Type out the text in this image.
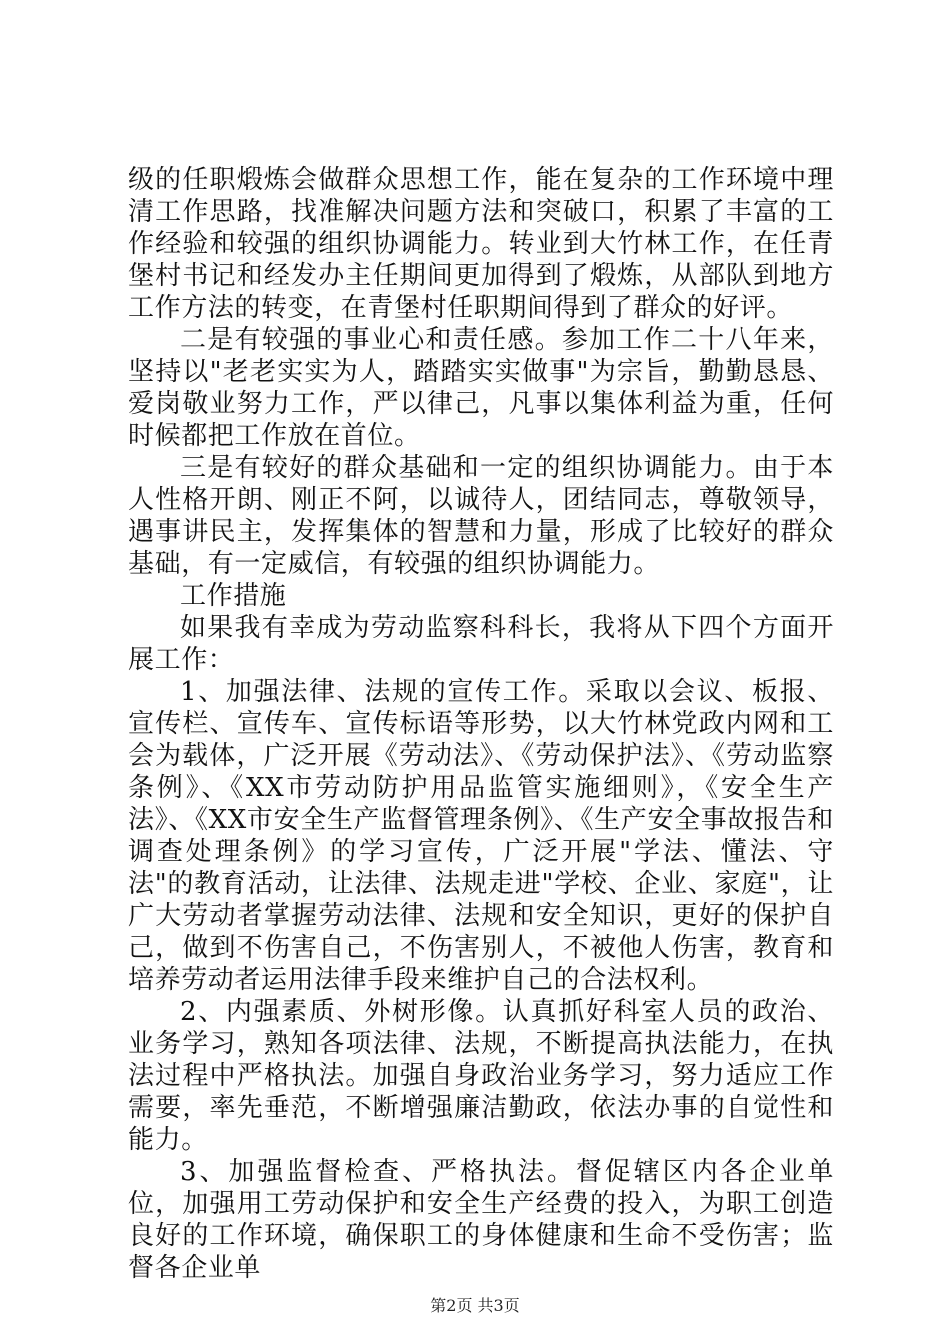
级的任职煅炼会做群众思想工作，能在复杂的工作环境中理清工作思路，找准解决问题方法和突破口，积累了丰富的工作经验和较强的组织协调能力。转业到大竹林工作，在任青堡村书记和经发办主任期间更加得到了煅炼，从部队到地方工作方法的转变，在青堡村任职期间得到了群众的好评。

二是有较强的事业心和责任感。参加工作二十八年来，坚持以"老老实实为人，踏踏实实做事"为宗旨，勤勤恳恳、爱岗敬业努力工作，严以律己，凡事以集体利益为重，任何时候都把工作放在首位。

三是有较好的群众基础和一定的组织协调能力。由于本人性格开朗、刚正不阿，以诚待人，团结同志，尊敬领导，遇事讲民主，发挥集体的智慧和力量，形成了比较好的群众基础，有一定威信，有较强的组织协调能力。

工作措施

如果我有幸成为劳动监察科科长，我将从下四个方面开展工作：

1、加强法律、法规的宣传工作。采取以会议、板报、宣传栏、宣传车、宣传标语等形势，以大竹林党政内网和工会为载体，广泛开展《劳动法》、《劳动保护法》、《劳动监察条例》、《XX市劳动防护用品监管实施细则》，《安全生产法》、《XX市安全生产监督管理条例》、《生产安全事故报告和调查处理条例》的学习宣传，广泛开展"学法、懂法、守法"的教育活动，让法律、法规走进"学校、企业、家庭"，让广大劳动者掌握劳动法律、法规和安全知识，更好的保护自己，做到不伤害自己，不伤害别人，不被他人伤害，教育和培养劳动者运用法律手段来维护自己的合法权利。

2、内强素质、外树形像。认真抓好科室人员的政治、业务学习，熟知各项法律、法规，不断提高执法能力，在执法过程中严格执法。加强自身政治业务学习，努力适应工作需要，率先垂范，不断增强廉洁勤政，依法办事的自觉性和能力。

3、加强监督检查、严格执法。督促辖区内各企业单位，加强用工劳动保护和安全生产经费的投入，为职工创造良好的工作环境，确保职工的身体健康和生命不受伤害；监督各企业单

第2页 共3页
